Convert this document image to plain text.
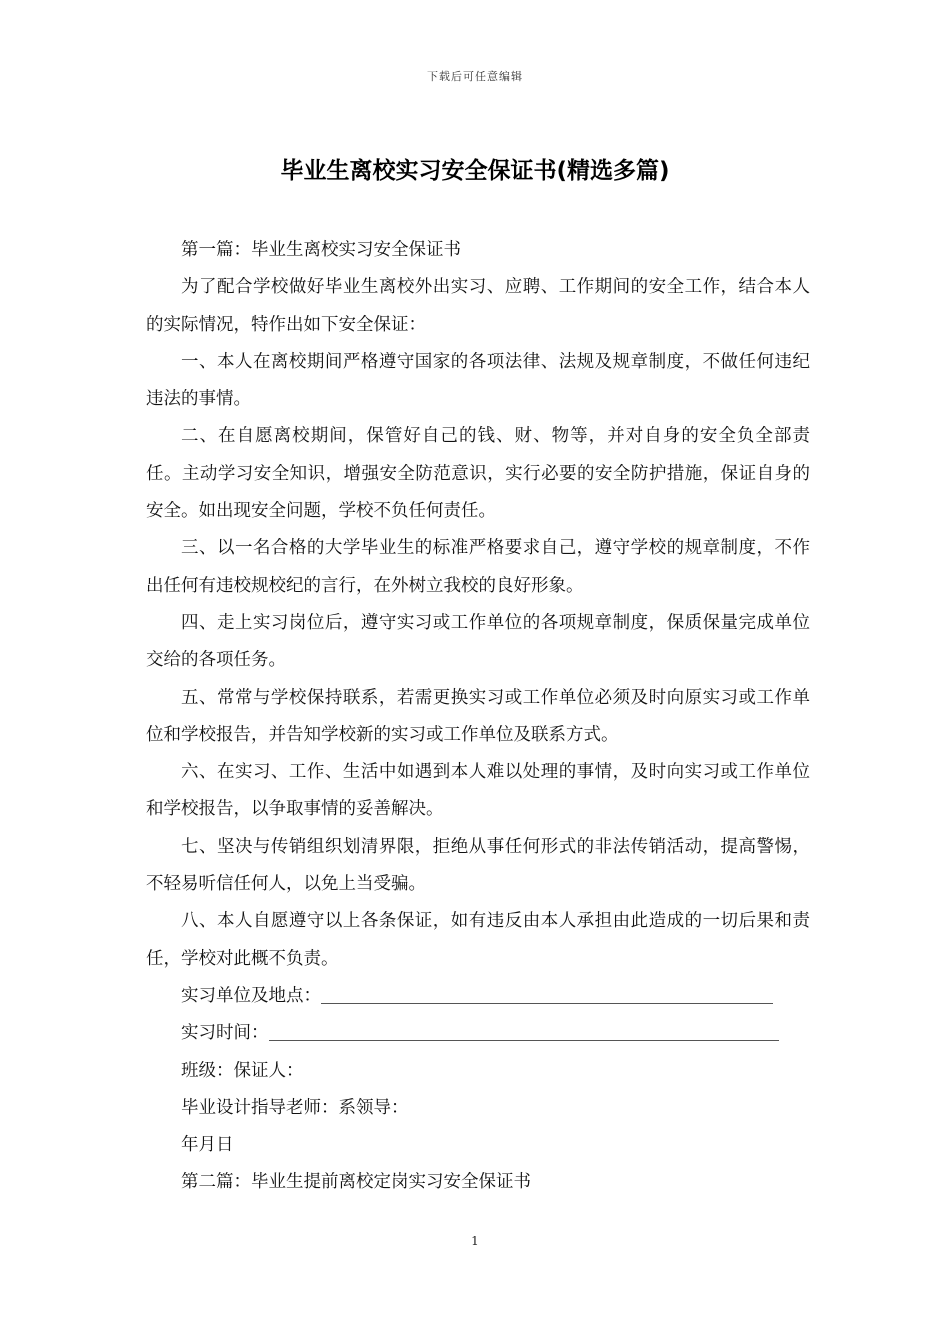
下载后可任意编辑
毕业生离校实习安全保证书(精选多篇)

第一篇：毕业生离校实习安全保证书

为了配合学校做好毕业生离校外出实习、应聘、工作期间的安全工作，结合本人的实际情况，特作出如下安全保证：

一、本人在离校期间严格遵守国家的各项法律、法规及规章制度，不做任何违纪违法的事情。

二、在自愿离校期间，保管好自己的钱、财、物等，并对自身的安全负全部责任。主动学习安全知识，增强安全防范意识，实行必要的安全防护措施，保证自身的安全。如出现安全问题，学校不负任何责任。

三、以一名合格的大学毕业生的标准严格要求自己，遵守学校的规章制度，不作出任何有违校规校纪的言行，在外树立我校的良好形象。

四、走上实习岗位后，遵守实习或工作单位的各项规章制度，保质保量完成单位交给的各项任务。

五、常常与学校保持联系，若需更换实习或工作单位必须及时向原实习或工作单位和学校报告，并告知学校新的实习或工作单位及联系方式。

六、在实习、工作、生活中如遇到本人难以处理的事情，及时向实习或工作单位和学校报告，以争取事情的妥善解决。

七、坚决与传销组织划清界限，拒绝从事任何形式的非法传销活动，提高警惕，不轻易听信任何人，以免上当受骗。

八、本人自愿遵守以上各条保证，如有违反由本人承担由此造成的一切后果和责任，学校对此概不负责。

实习单位及地点：

实习时间：

班级：保证人：

毕业设计指导老师：系领导：

年月日

第二篇：毕业生提前离校定岗实习安全保证书

1
